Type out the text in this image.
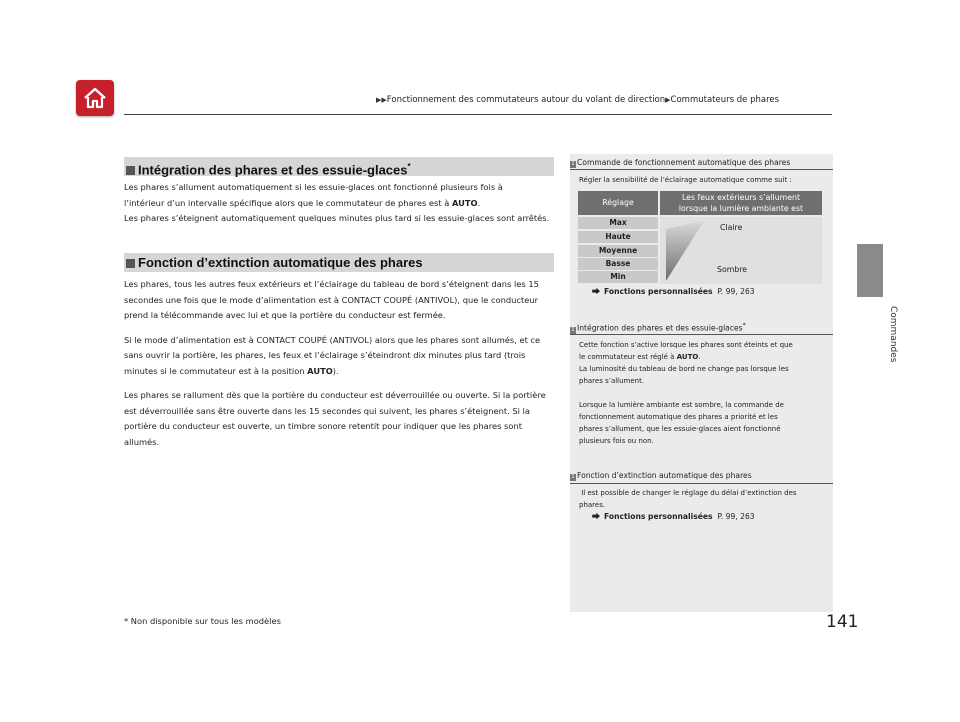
▶▶Fonctionnement des commutateurs autour du volant de direction▶Commutateurs de phares
Commandes
141
Intégration des phares et des essuie-glaces*

Les phares s’allument automatiquement si les essuie-glaces ont fonctionné plusieurs fois à
l’intérieur d’un intervalle spécifique alors que le commutateur de phares est à AUTO.

Les phares s’éteignent automatiquement quelques minutes plus tard si les essuie-glaces sont arrêtés.

Fonction d’extinction automatique des phares

Les phares, tous les autres feux extérieurs et l’éclairage du tableau de bord s’éteignent dans les 15 secondes une fois que le mode d’alimentation est à CONTACT COUPÉ (ANTIVOL), que le conducteur prend la télécommande avec lui et que la portière du conducteur est fermée.

Si le mode d’alimentation est à CONTACT COUPÉ (ANTIVOL) alors que les phares sont allumés, et ce sans ouvrir la portière, les phares, les feux et l’éclairage s’éteindront dix minutes plus tard (trois minutes si le commutateur est à la position AUTO).

Les phares se rallument dès que la portière du conducteur est déverrouillée ou ouverte. Si la portière est déverrouillée sans être ouverte dans les 15 secondes qui suivent, les phares s’éteignent. Si la portière du conducteur est ouverte, un timbre sonore retentit pour indiquer que les phares sont allumés.

1 Commande de fonctionnement automatique des phares
Régler la sensibilité de l’éclairage automatique comme suit :
Réglage
Les feux extérieurs s’allument
lorsque la lumière ambiante est
Max
Haute
Moyenne
Basse
Min
Claire
Sombre
⮕ Fonctions personnalisées P. 99, 263
1 Intégration des phares et des essuie-glaces*

Cette fonction s’active lorsque les phares sont éteints et que
le commutateur est réglé à AUTO.
La luminosité du tableau de bord ne change pas lorsque les
phares s’allument.

Lorsque la lumière ambiante est sombre, la commande de
fonctionnement automatique des phares a priorité et les
phares s’allument, que les essuie-glaces aient fonctionné
plusieurs fois ou non.

1 Fonction d’extinction automatique des phares

Il est possible de changer le réglage du délai d’extinction des
phares.

⮕ Fonctions personnalisées P. 99, 263
* Non disponible sur tous les modèles
